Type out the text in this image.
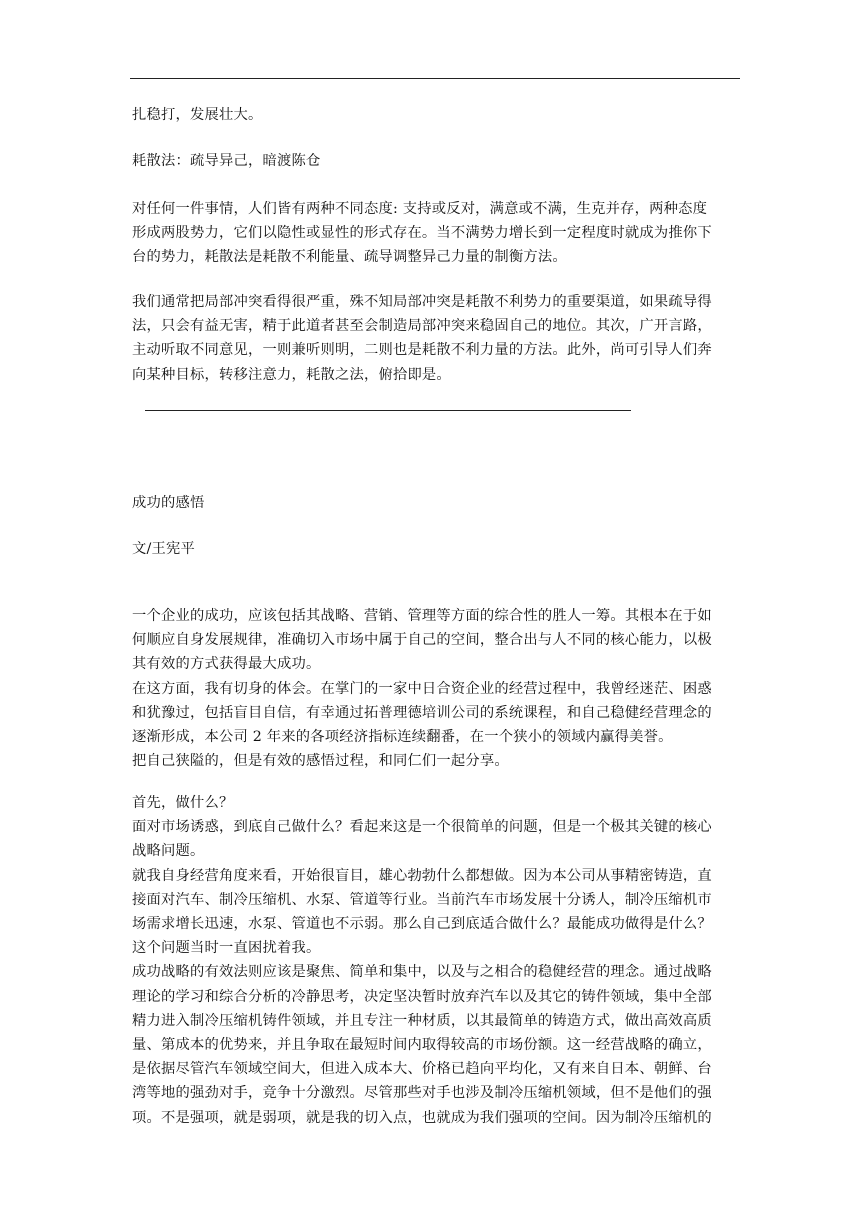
扎稳打，发展壮大。

耗散法：疏导异己，暗渡陈仓

对任何一件事情，人们皆有两种不同态度: 支持或反对，满意或不满，生克并存，两种态度

形成两股势力，它们以隐性或显性的形式存在。当不满势力增长到一定程度时就成为推你下

台的势力，耗散法是耗散不利能量、疏导调整异己力量的制衡方法。

我们通常把局部冲突看得很严重，殊不知局部冲突是耗散不利势力的重要渠道，如果疏导得

法，只会有益无害，精于此道者甚至会制造局部冲突来稳固自己的地位。其次，广开言路，

主动听取不同意见，一则兼听则明，二则也是耗散不利力量的方法。此外，尚可引导人们奔

向某种目标，转移注意力，耗散之法，俯拾即是。

成功的感悟

文/王宪平

一个企业的成功，应该包括其战略、营销、管理等方面的综合性的胜人一筹。其根本在于如

何顺应自身发展规律，准确切入市场中属于自己的空间，整合出与人不同的核心能力，以极

其有效的方式获得最大成功。

在这方面，我有切身的体会。在掌门的一家中日合资企业的经营过程中，我曾经迷茫、困惑

和犹豫过，包括盲目自信，有幸通过拓普理德培训公司的系统课程，和自己稳健经营理念的

逐渐形成，本公司 2 年来的各项经济指标连续翻番，在一个狭小的领域内赢得美誉。

把自己狭隘的，但是有效的感悟过程，和同仁们一起分享。

首先，做什么？

面对市场诱惑，到底自己做什么？看起来这是一个很简单的问题，但是一个极其关键的核心

战略问题。

就我自身经营角度来看，开始很盲目，雄心勃勃什么都想做。因为本公司从事精密铸造，直

接面对汽车、制冷压缩机、水泵、管道等行业。当前汽车市场发展十分诱人，制冷压缩机市

场需求增长迅速，水泵、管道也不示弱。那么自己到底适合做什么？最能成功做得是什么？

这个问题当时一直困扰着我。

成功战略的有效法则应该是聚焦、简单和集中，以及与之相合的稳健经营的理念。通过战略

理论的学习和综合分析的冷静思考，决定坚决暂时放弃汽车以及其它的铸件领域，集中全部

精力进入制冷压缩机铸件领域，并且专注一种材质，以其最简单的铸造方式，做出高效高质

量、第成本的优势来，并且争取在最短时间内取得较高的市场份额。这一经营战略的确立，

是依据尽管汽车领域空间大，但进入成本大、价格已趋向平均化，又有来自日本、朝鲜、台

湾等地的强劲对手，竞争十分激烈。尽管那些对手也涉及制冷压缩机领域，但不是他们的强

项。不是强项，就是弱项，就是我的切入点，也就成为我们强项的空间。因为制冷压缩机的
